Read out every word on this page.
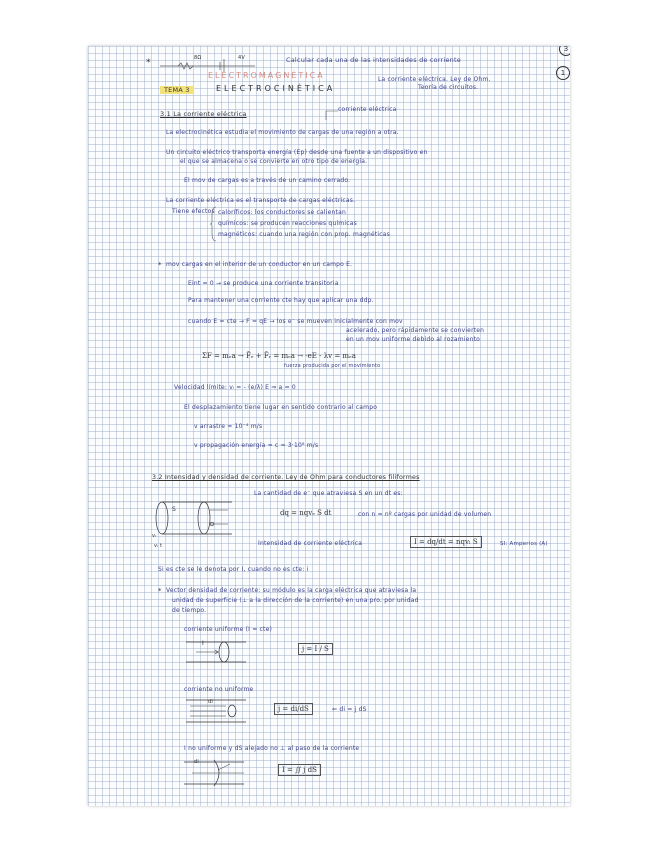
*	8Ω	4V	Calcular cada una de las intensidades de corriente
3
1
ELECTROMAGNÉTICA
TEMA 3	ELECTROCINÉTICA
La corriente eléctrica. Ley de Ohm.
Teoría de circuitos.
3.1 La corriente eléctrica
corriente eléctrica
La electrocinética estudia el movimiento de cargas de una región a otra.
Un circuito eléctrico transporta energía (Ep) desde una fuente a un dispositivo en
el que se almacena o se convierte en otro tipo de energía.
El mov de cargas es a través de un camino cerrado.
La corriente eléctrica es el transporte de cargas eléctricas.
Tiene efectos caloríficos: los conductores se calientan
químicos: se producen reacciones químicas
magnéticos: cuando una región con prop. magnéticas
* mov cargas en el interior de un conductor en un campo E.
Eint = 0 → se produce una corriente transitoria
Para mantener una corriente cte hay que aplicar una ddp.
cuando E = cte → F = qE → los e⁻ se mueven inicialmente con mov
acelerado, pero rápidamente se convierten
en un mov uniforme debido al rozamiento
ΣF = mₑa → F̄ₑ + F̄ᵣ = mₑa → -eE - λv = mₑa
fuerza producida por el movimiento
Velocidad límite: vₗ = - (e/λ) E ⇒ a = 0
El desplazamiento tiene lugar en sentido contrario al campo
v arrastre ≈ 10⁻⁴ m/s
v propagación energía ≈ c ≈ 3·10⁸ m/s
3.2 Intensidad y densidad de corriente. Ley de Ohm para conductores filiformes
La cantidad de e⁻ que atraviesa S en un dt es:
S
vₗ
vₗ t
dq = nqvₑ S dt	con n = nº cargas por unidad de volumen
Intensidad de corriente eléctrica	I = dq/dt = nqvₗ S	SI: Amperios (A)
Si es cte se le denota por I, cuando no es cte: i
* Vector densidad de corriente: su módulo es la carga eléctrica que atraviesa la
unidad de superficie (⊥ a la dirección de la corriente) en una pro. por unidad
de tiempo.
corriente uniforme (I = cte)
I
j = I / S
corriente no uniforme
di
j = di/dS	⇐ di = j dS
I no uniforme y dS alejado no ⊥ al paso de la corriente
di
I = ∬ j dS
